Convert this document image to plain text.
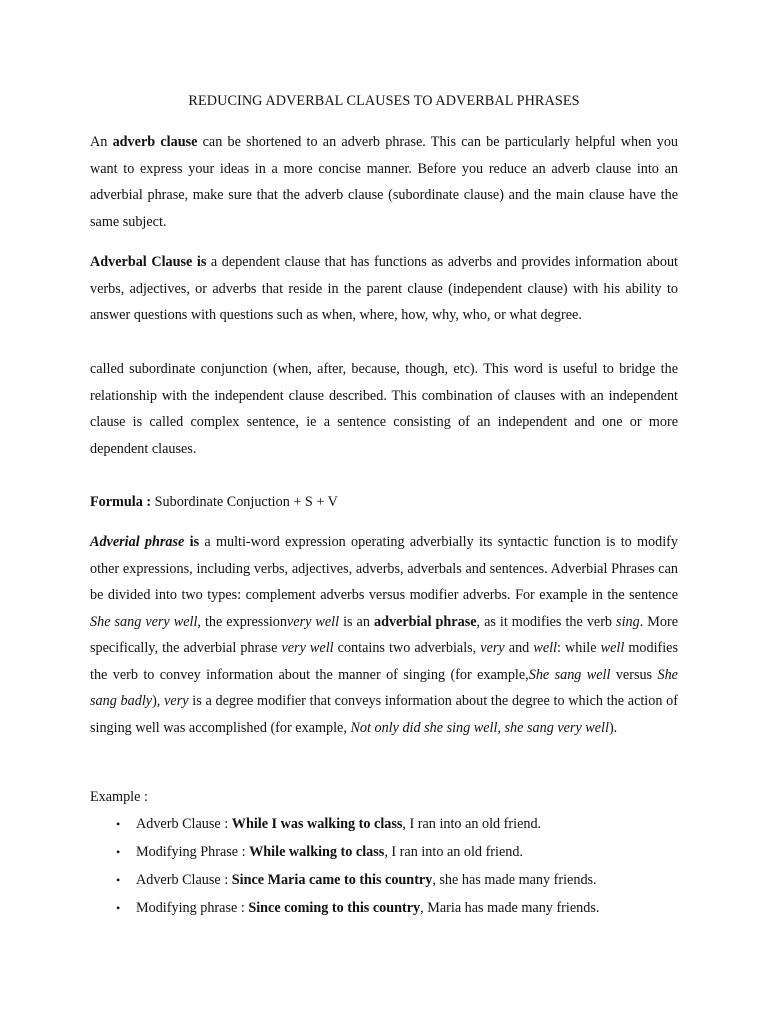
REDUCING ADVERBAL CLAUSES TO ADVERBAL PHRASES

An adverb clause can be shortened to an adverb phrase. This can be particularly helpful when you want to express your ideas in a more concise manner. Before you reduce an adverb clause into an adverbial phrase, make sure that the adverb clause (subordinate clause) and the main clause have the same subject.

Adverbal Clause is a dependent clause that has functions as adverbs and provides information about verbs, adjectives, or adverbs that reside in the parent clause (independent clause) with his ability to answer questions with questions such as when, where, how, why, who, or what degree.

called subordinate conjunction (when, after, because, though, etc). This word is useful to bridge the relationship with the independent clause described. This combination of clauses with an independent clause is called complex sentence, ie a sentence consisting of an independent and one or more dependent clauses.

Formula : Subordinate Conjuction + S + V

Adverial phrase is a multi-word expression operating adverbially its syntactic function is to modify other expressions, including verbs, adjectives, adverbs, adverbals and sentences. Adverbial Phrases can be divided into two types: complement adverbs versus modifier adverbs. For example in the sentence She sang very well, the expressionvery well is an adverbial phrase, as it modifies the verb sing. More specifically, the adverbial phrase very well contains two adverbials, very and well: while well modifies the verb to convey information about the manner of singing (for example,She sang well versus She sang badly), very is a degree modifier that conveys information about the degree to which the action of singing well was accomplished (for example, Not only did she sing well, she sang very well).

Example :

• Adverb Clause : While I was walking to class, I ran into an old friend.
• Modifying Phrase : While walking to class, I ran into an old friend.
• Adverb Clause : Since Maria came to this country, she has made many friends.
• Modifying phrase : Since coming to this country, Maria has made many friends.
